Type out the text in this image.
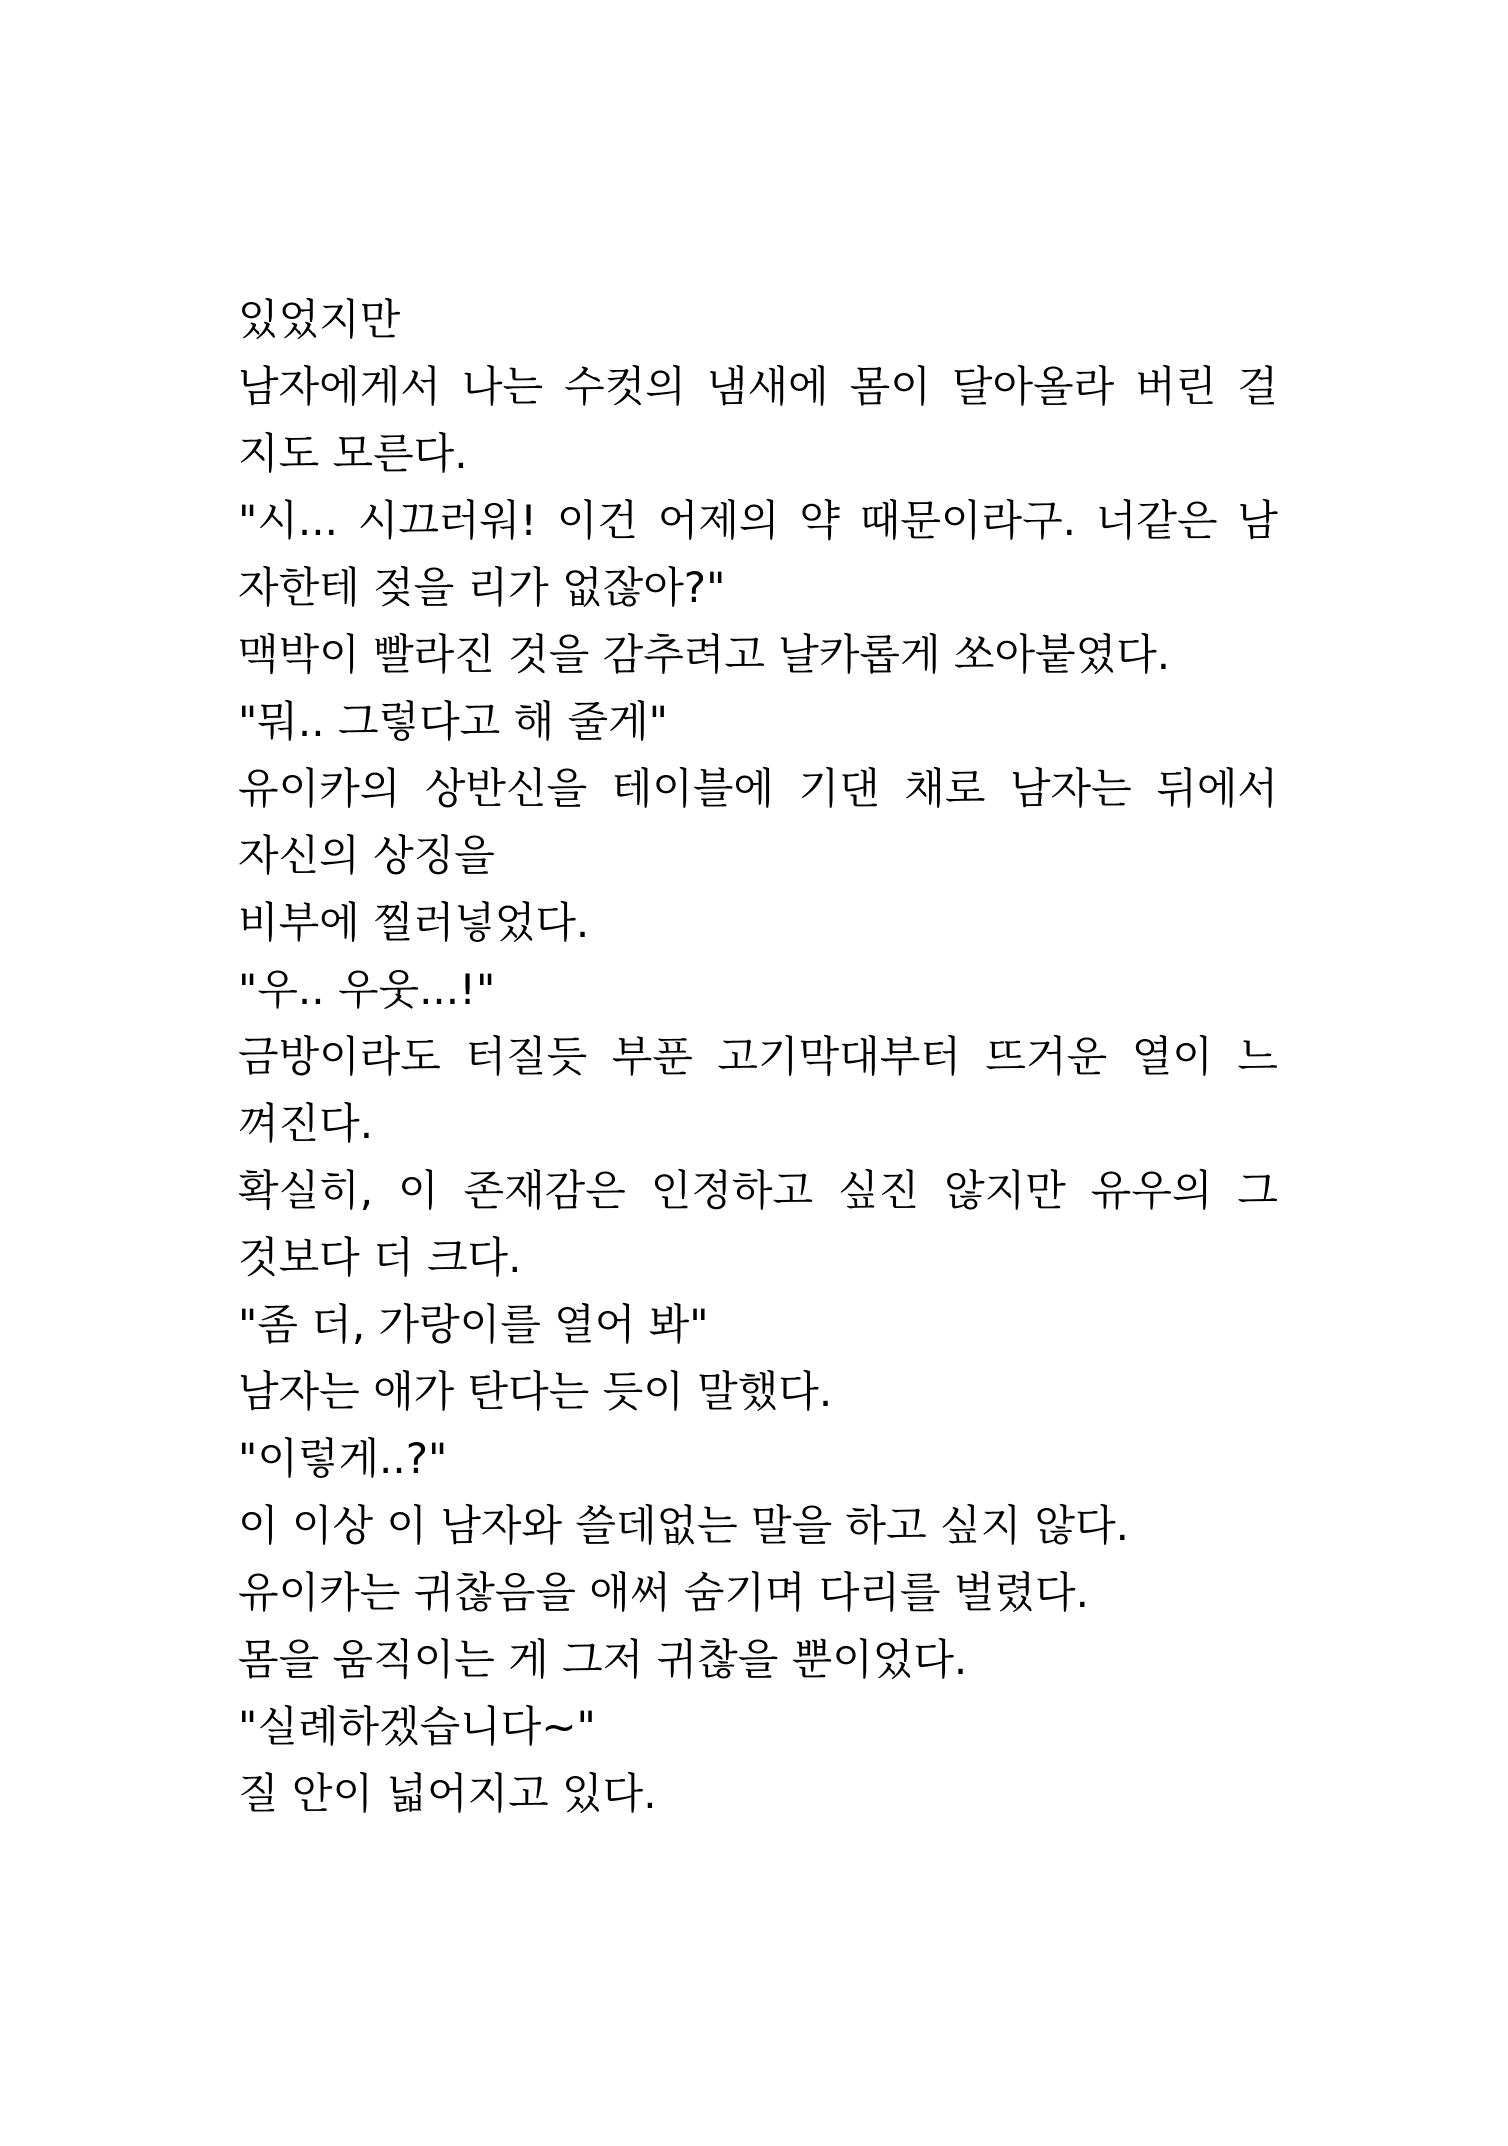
있었지만
남자에게서 나는 수컷의 냄새에 몸이 달아올라 버린 걸
지도 모른다.
"시... 시끄러워! 이건 어제의 약 때문이라구. 너같은 남
자한테 젖을 리가 없잖아?"
맥박이 빨라진 것을 감추려고 날카롭게 쏘아붙였다.
"뭐.. 그렇다고 해 줄게"
유이카의 상반신을 테이블에 기댄 채로 남자는 뒤에서
자신의 상징을
비부에 찔러넣었다.
"우.. 우웃...!"
금방이라도 터질듯 부푼 고기막대부터 뜨거운 열이 느
껴진다.
확실히, 이 존재감은 인정하고 싶진 않지만 유우의 그
것보다 더 크다.
"좀 더, 가랑이를 열어 봐"
남자는 애가 탄다는 듯이 말했다.
"이렇게..?"
이 이상 이 남자와 쓸데없는 말을 하고 싶지 않다.
유이카는 귀찮음을 애써 숨기며 다리를 벌렸다.
몸을 움직이는 게 그저 귀찮을 뿐이었다.
"실례하겠습니다~"
질 안이 넓어지고 있다.
